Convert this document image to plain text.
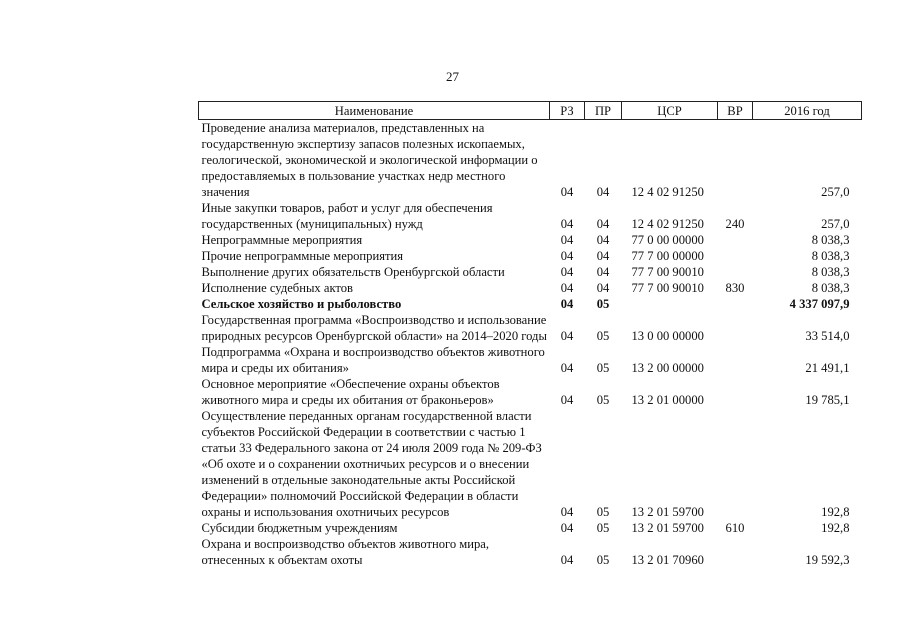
27
Наименование	РЗ	ПР	ЦСР	ВР	2016 год
Проведение анализа материалов, представленных на государственную экспертизу запасов полезных ископаемых, геологической, экономической и экологической информации о предоставляемых в пользование участках недр местного значения	04	04	12 4 02 91250		257,0
Иные закупки товаров, работ и услуг для обеспечения государственных (муниципальных) нужд	04	04	12 4 02 91250	240	257,0
Непрограммные мероприятия	04	04	77 0 00 00000		8 038,3
Прочие непрограммные мероприятия	04	04	77 7 00 00000		8 038,3
Выполнение других обязательств Оренбургской области	04	04	77 7 00 90010		8 038,3
Исполнение судебных актов	04	04	77 7 00 90010	830	8 038,3
Сельское хозяйство и рыболовство	04	05			4 337 097,9
Государственная программа «Воспроизводство и использование природных ресурсов Оренбургской области» на 2014–2020 годы	04	05	13 0 00 00000		33 514,0
Подпрограмма «Охрана и воспроизводство объектов животного мира и среды их обитания»	04	05	13 2 00 00000		21 491,1
Основное мероприятие «Обеспечение охраны объектов животного мира и среды их обитания от браконьеров»	04	05	13 2 01 00000		19 785,1
Осуществление переданных органам государственной власти субъектов Российской Федерации в соответствии с частью 1 статьи 33 Федерального закона от 24 июля 2009 года № 209-ФЗ «Об охоте и о сохранении охотничьих ресурсов и о внесении изменений в отдельные законодательные акты Российской Федерации» полномочий Российской Федерации в области охраны и использования охотничьих ресурсов	04	05	13 2 01 59700		192,8
Субсидии бюджетным учреждениям	04	05	13 2 01 59700	610	192,8
Охрана и воспроизводство объектов животного мира, отнесенных к объектам охоты	04	05	13 2 01 70960		19 592,3
